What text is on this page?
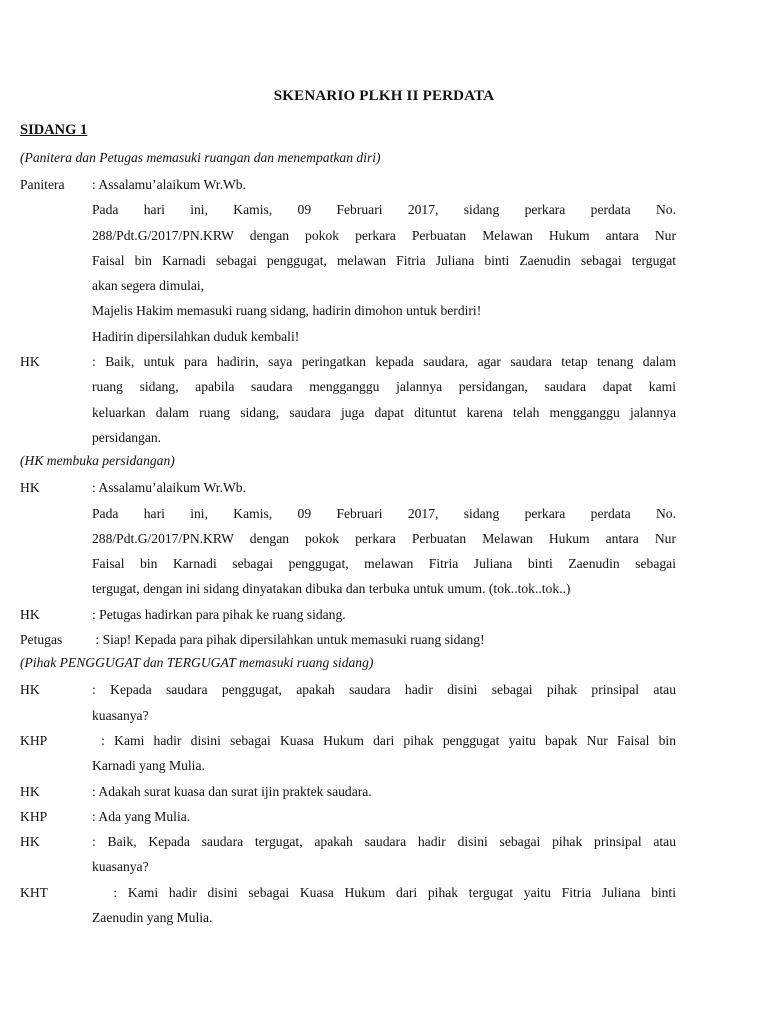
SKENARIO PLKH II PERDATA
SIDANG 1
(Panitera dan Petugas memasuki ruangan dan menempatkan diri)
Panitera	: Assalamu’alaikum Wr.Wb.
Pada hari ini, Kamis, 09 Februari 2017, sidang perkara perdata No.
288/Pdt.G/2017/PN.KRW dengan pokok perkara Perbuatan Melawan Hukum antara Nur
Faisal bin Karnadi sebagai penggugat, melawan Fitria Juliana binti Zaenudin sebagai tergugat
akan segera dimulai,
Majelis Hakim memasuki ruang sidang, hadirin dimohon untuk berdiri!
Hadirin dipersilahkan duduk kembali!
HK	: Baik, untuk para hadirin, saya peringatkan kepada saudara, agar saudara tetap tenang dalam
ruang sidang, apabila saudara mengganggu jalannya persidangan, saudara dapat kami
keluarkan dalam ruang sidang, saudara juga dapat dituntut karena telah mengganggu jalannya
persidangan.
(HK membuka persidangan)
HK	: Assalamu’alaikum Wr.Wb.
Pada hari ini, Kamis, 09 Februari 2017, sidang perkara perdata No.
288/Pdt.G/2017/PN.KRW dengan pokok perkara Perbuatan Melawan Hukum antara Nur
Faisal bin Karnadi sebagai penggugat, melawan Fitria Juliana binti Zaenudin sebagai
tergugat, dengan ini sidang dinyatakan dibuka dan terbuka untuk umum. (tok..tok..tok..)
HK	: Petugas hadirkan para pihak ke ruang sidang.
Petugas	: Siap! Kepada para pihak dipersilahkan untuk memasuki ruang sidang!
(Pihak PENGGUGAT dan TERGUGAT memasuki ruang sidang)
HK	: Kepada saudara penggugat, apakah saudara hadir disini sebagai pihak prinsipal atau
kuasanya?
KHP	: Kami hadir disini sebagai Kuasa Hukum dari pihak penggugat yaitu bapak Nur Faisal bin
Karnadi yang Mulia.
HK	: Adakah surat kuasa dan surat ijin praktek saudara.
KHP	: Ada yang Mulia.
HK	: Baik, Kepada saudara tergugat, apakah saudara hadir disini sebagai pihak prinsipal atau
kuasanya?
KHT	: Kami hadir disini sebagai Kuasa Hukum dari pihak tergugat yaitu Fitria Juliana binti
Zaenudin yang Mulia.
